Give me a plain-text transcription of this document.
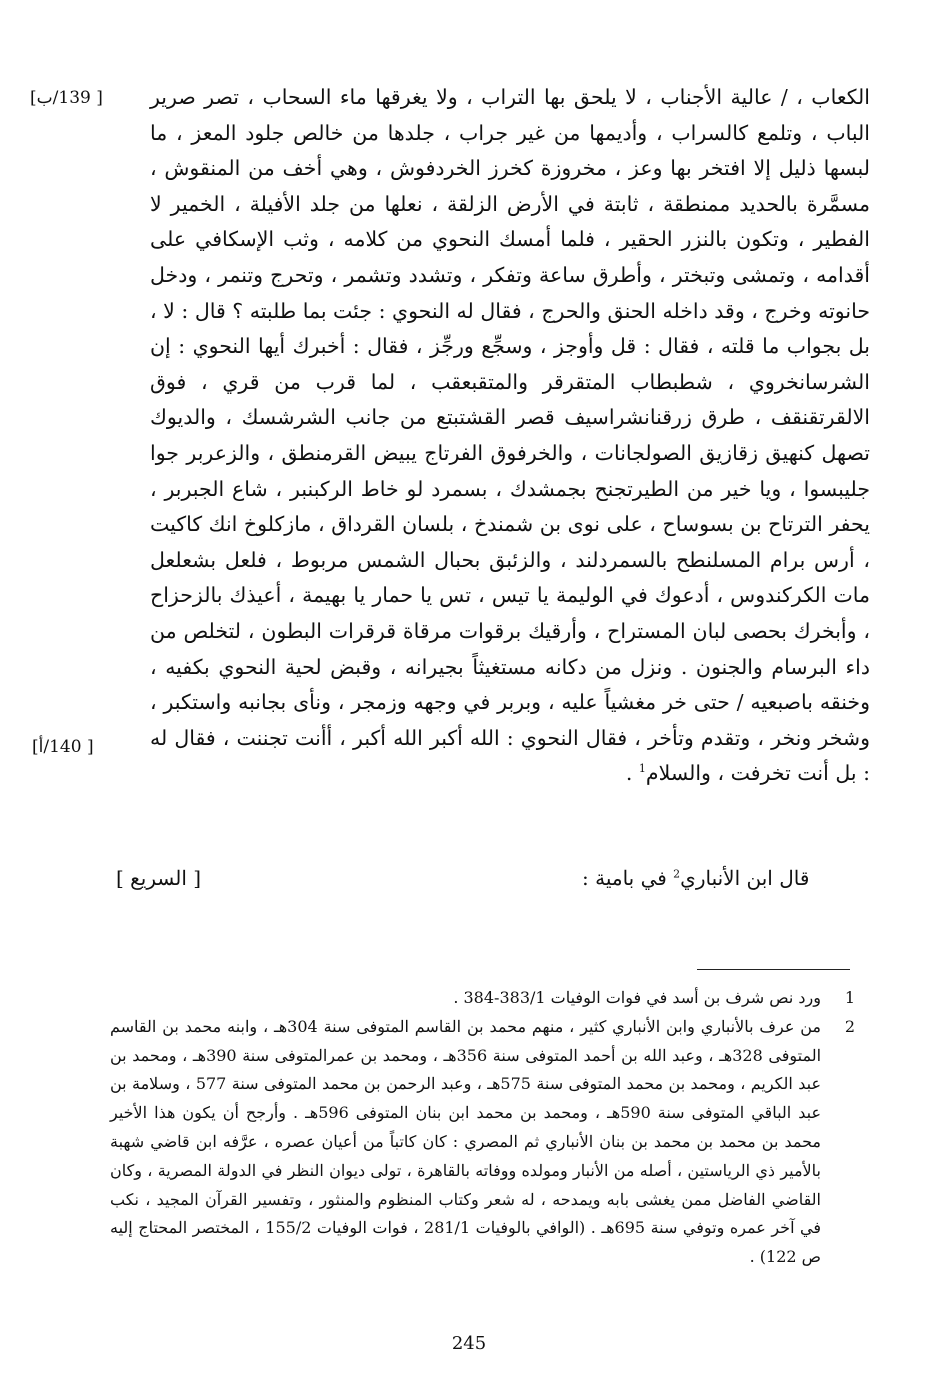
[ 139/ب]
[ 140/أ]

الكعاب ، / عالية الأجناب ، لا يلحق بها التراب ، ولا يغرقها ماء السحاب ، تصر صرير الباب ، وتلمع كالسراب ، وأديمها من غير جراب ، جلدها من خالص جلود المعز ، ما لبسها ذليل إلا افتخر بها وعز ، مخروزة كخرز الخردفوش ، وهي أخف من المنقوش ، مسمَّرة بالحديد ممنطقة ، ثابتة في الأرض الزلقة ، نعلها من جلد الأفيلة ، الخمير لا الفطير ، وتكون بالنزر الحقير ، فلما أمسك النحوي من كلامه ، وثب الإسكافي على أقدامه ، وتمشى وتبختر ، وأطرق ساعة وتفكر ، وتشدد وتشمر ، وتحرج وتنمر ، ودخل حانوته وخرج ، وقد داخله الحنق والحرج ، فقال له النحوي : جئت بما طلبته ؟ قال : لا ، بل بجواب ما قلته ، فقال : قل وأوجز ، وسجِّع ورجِّز ، فقال : أخبرك أيها النحوي : إن الشرسانخروي ، شطبطاب المتقرقر والمتقبعقب ، لما قرب من قري ، فوق الالقرتقنقف ، طرق زرقنانشراسيف قصر القشتبتع من جانب الشرشسك ، والديوك تصهل كنهيق زقازيق الصولجانات ، والخرفوق الفرتاج يبيض القرمنطق ، والزعربر جوا جليبسوا ، ويا خير من الطيرتجنح بجمشدك ، بسمرد لو خاط الركبنبر ، شاع الجبربر ، يحفر الترتاح بن بسوساح ، على نوى بن شمندخ ، بلسان القرداق ، مازكلوخ انك كاكيت ، أرس برام المسلنطح بالسمردلند ، والزئبق بحبال الشمس مربوط ، فلعل بشعلعل مات الكركندوس ، أدعوك في الوليمة يا تيس ، تس يا حمار يا بهيمة ، أعيذك بالزحزاح ، وأبخرك بحصى لبان المستراح ، وأرقيك برقوات مرقاة قرقرات البطون ، لتخلص من داء البرسام والجنون . ونزل من دكانه مستغيثاً بجيرانه ، وقبض لحية النحوي بكفيه ، وخنقه باصبعيه / حتى خر مغشياً عليه ، وبربر في وجهه وزمجر ، ونأى بجانبه واستكبر ، وشخر ونخر ، وتقدم وتأخر ، فقال النحوي : الله أكبر الله أكبر ، أأنت تجننت ، فقال له : بل أنت تخرفت ، والسلام$^1$ .

قال ابن الأنباري$^2$ في بامية :
[ السريع ]
1
ورد نص شرف بن أسد في فوات الوفيات 383/1-384 .
2
من عرف بالأنباري وابن الأنباري كثير ، منهم محمد بن القاسم المتوفى سنة 304هـ ، وابنه محمد بن القاسم المتوفى 328هـ ، وعبد الله بن أحمد المتوفى سنة 356هـ ، ومحمد بن عمرالمتوفى سنة 390هـ ، ومحمد بن عبد الكريم ، ومحمد بن محمد المتوفى سنة 575هـ ، وعبد الرحمن بن محمد المتوفى سنة 577 ، وسلامة بن عبد الباقي المتوفى سنة 590هـ ، ومحمد بن محمد ابن بنان المتوفى 596هـ . وأرجح أن يكون هذا الأخير محمد بن محمد بن محمد بن بنان الأنباري ثم المصري : كان كاتباً من أعيان عصره ، عرَّفه ابن قاضي شهبة بالأمير ذي الرياستين ، أصله من الأنبار ومولده ووفاته بالقاهرة ، تولى ديوان النظر في الدولة المصرية ، وكان القاضي الفاضل ممن يغشى بابه ويمدحه ، له شعر وكتاب المنظوم والمنثور ، وتفسير القرآن المجيد ، نكب في آخر عمره وتوفي سنة 695هـ . (الوافي بالوفيات 281/1 ، فوات الوفيات 155/2 ، المختصر المحتاج إليه ص 122) .
245
